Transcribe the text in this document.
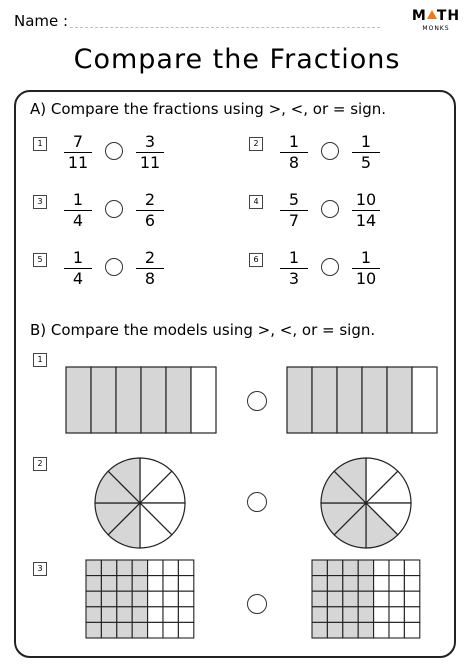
Name :	M TH
MONKS
Compare the Fractions
A) Compare the fractions using >, <, or = sign.
1	7
11
3
11
2	1
8
1
5
3	1
4
2
6
4	5
7
10
14
5	1
4
2
8
6	1
3
1
10
B) Compare the models using >, <, or = sign.
1
2
3
